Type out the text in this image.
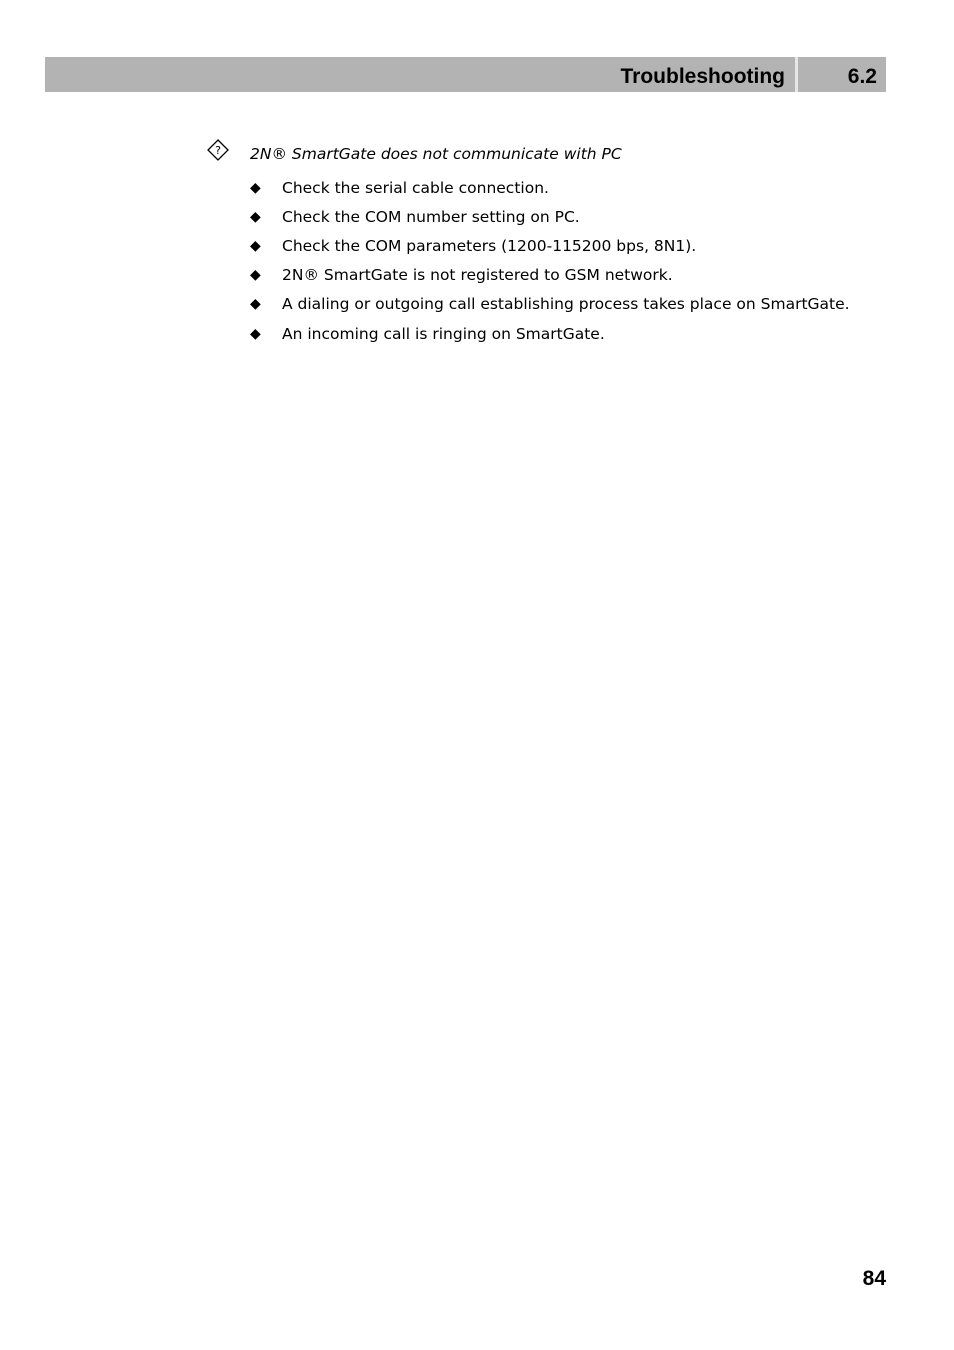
Troubleshooting	6.2
? 2N® SmartGate does not communicate with PC
◆	Check the serial cable connection.
◆	Check the COM number setting on PC.
◆	Check the COM parameters (1200-115200 bps, 8N1).
◆	2N® SmartGate is not registered to GSM network.
◆	A dialing or outgoing call establishing process takes place on SmartGate.
◆	An incoming call is ringing on SmartGate.
84
